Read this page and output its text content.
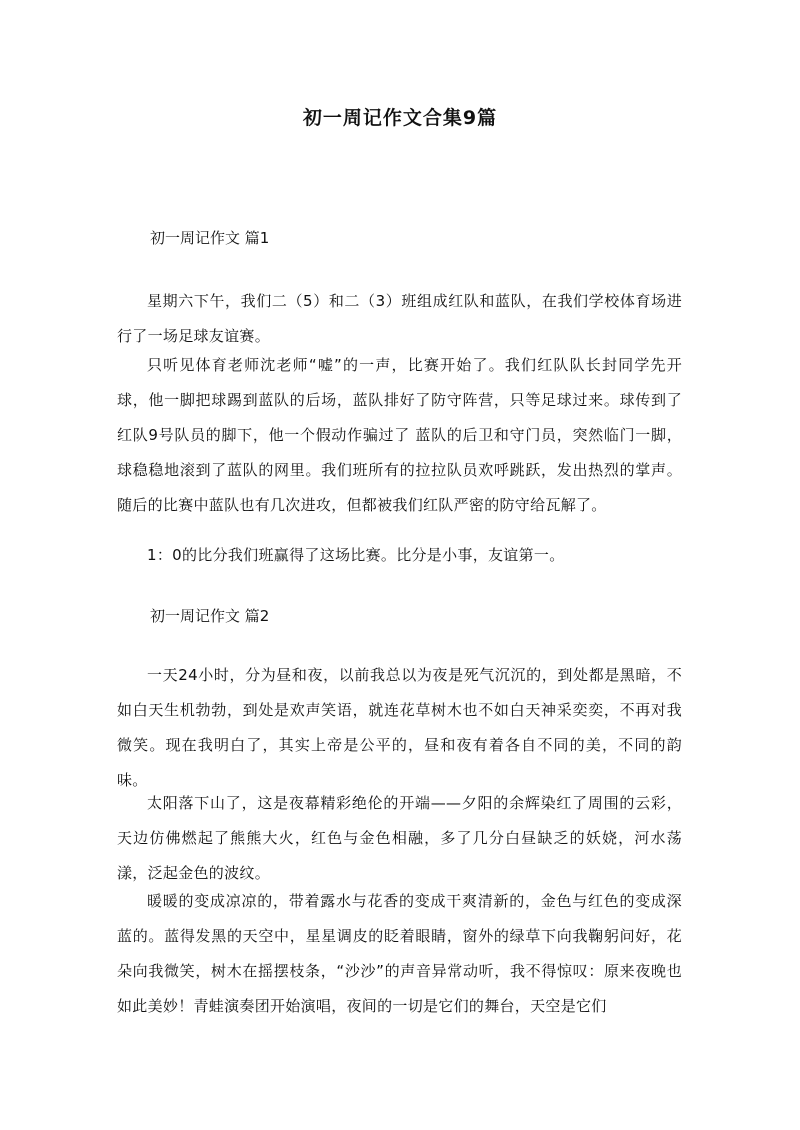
初一周记作文合集9篇
初一周记作文 篇1

星期六下午，我们二（5）和二（3）班组成红队和蓝队，在我们学校体育场进行了一场足球友谊赛。

只听见体育老师沈老师“嘘”的一声，比赛开始了。我们红队队长封同学先开球，他一脚把球踢到蓝队的后场，蓝队排好了防守阵营，只等足球过来。球传到了红队9号队员的脚下，他一个假动作骗过了 蓝队的后卫和守门员，突然临门一脚，球稳稳地滚到了蓝队的网里。我们班所有的拉拉队员欢呼跳跃，发出热烈的掌声。随后的比赛中蓝队也有几次进攻，但都被我们红队严密的防守给瓦解了。

1：0的比分我们班赢得了这场比赛。比分是小事，友谊第一。

初一周记作文 篇2

一天24小时，分为昼和夜，以前我总以为夜是死气沉沉的，到处都是黑暗，不如白天生机勃勃，到处是欢声笑语，就连花草树木也不如白天神采奕奕，不再对我微笑。现在我明白了，其实上帝是公平的，昼和夜有着各自不同的美，不同的韵味。

太阳落下山了，这是夜幕精彩绝伦的开端——夕阳的余辉染红了周围的云彩，天边仿佛燃起了熊熊大火，红色与金色相融，多了几分白昼缺乏的妖娆，河水荡漾，泛起金色的波纹。

暖暖的变成凉凉的，带着露水与花香的变成干爽清新的，金色与红色的变成深蓝的。蓝得发黑的天空中，星星调皮的眨着眼睛，窗外的绿草下向我鞠躬问好，花朵向我微笑，树木在摇摆枝条，“沙沙”的声音异常动听，我不得惊叹：原来夜晚也如此美妙！青蛙演奏团开始演唱，夜间的一切是它们的舞台，天空是它们
